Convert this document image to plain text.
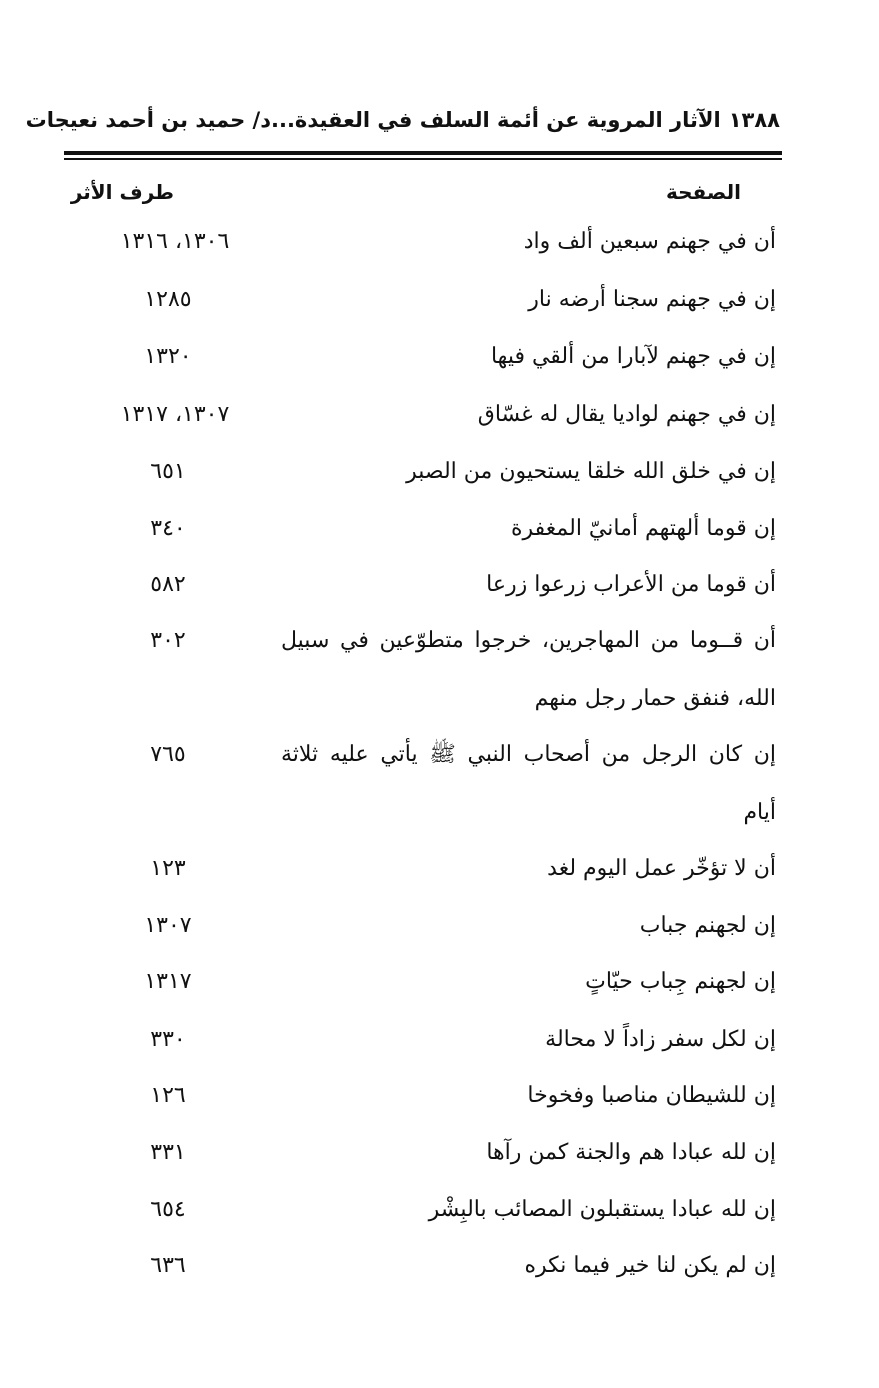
١٣٨٨الآثار المروية عن أئمة السلف في العقيدة...د/ حميد بن أحمد نعيجات
طرف الأثر	الصفحة
أن في جهنم سبعين ألف واد
١٣٠٦، ١٣١٦
إن في جهنم سجنا أرضه نار
١٢٨٥
إن في جهنم لآبارا من ألقي فيها
١٣٢٠
إن في جهنم لواديا يقال له غسّاق
١٣٠٧، ١٣١٧
إن في خلق الله خلقا يستحيون من الصبر
٦٥١
إن قوما ألهتهم أمانيّ المغفرة
٣٤٠
أن قوما من الأعراب زرعوا زرعا
٥٨٢
أن قــوما من المهاجرين، خرجوا متطوّعين في سبيل
الله، فنفق حمار رجل منهم
٣٠٢
إن كان الرجل من أصحاب النبي ﷺ يأتي عليه ثلاثة
أيام
٧٦٥
أن لا تؤخّر عمل اليوم لغد
١٢٣
إن لجهنم جباب
١٣٠٧
إن لجهنم جِباب حيّاتٍ
١٣١٧
إن لكل سفر زاداً لا محالة
٣٣٠
إن للشيطان مناصبا وفخوخا
١٢٦
إن لله عبادا هم والجنة كمن رآها
٣٣١
إن لله عبادا يستقبلون المصائب بالبِشْر
٦٥٤
إن لم يكن لنا خير فيما نكره
٦٣٦
